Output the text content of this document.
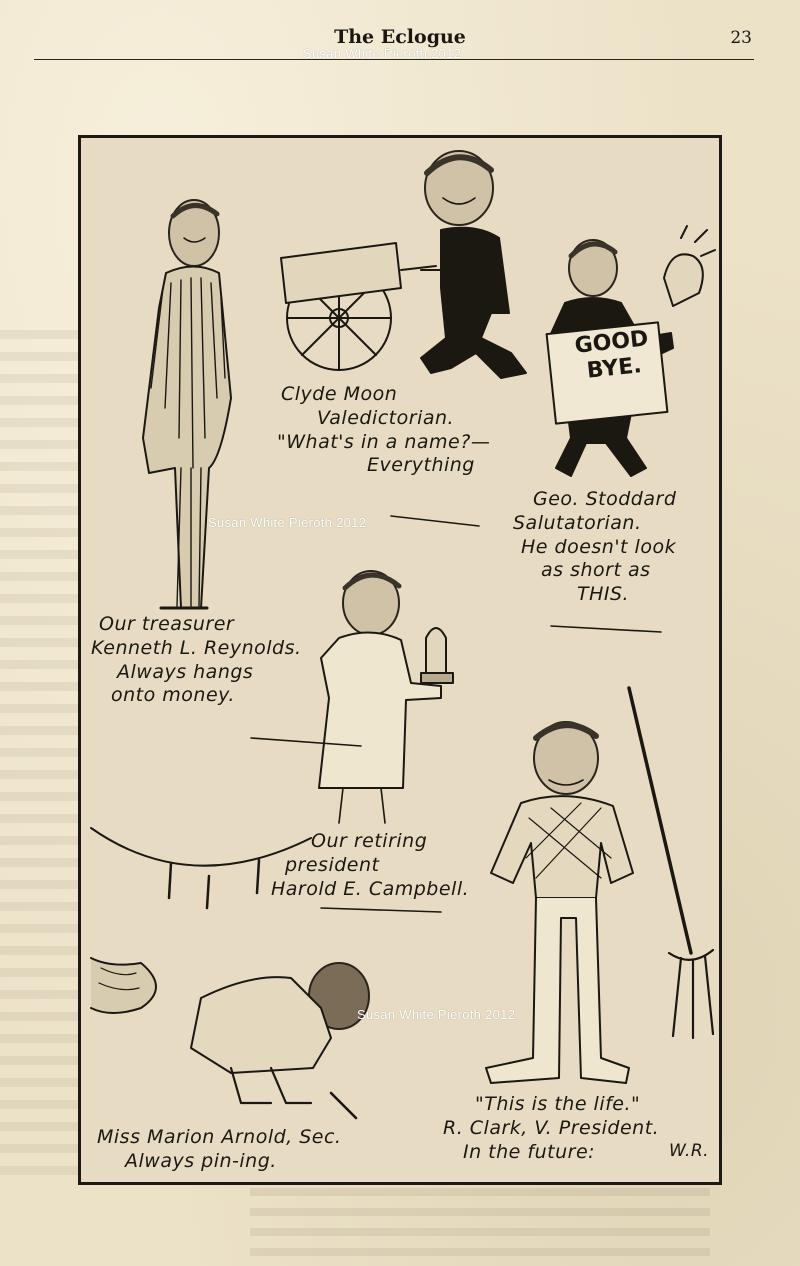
The Eclogue	23
GOOD
BYE.
Clyde Moon
Valedictorian.
"What's in a name?—
Everything
Geo. Stoddard
Salutatorian.
He doesn't look
as short as
THIS.
Our treasurer
Kenneth L. Reynolds.
Always hangs
onto money.
Our retiring
president
Harold E. Campbell.
"This is the life."
R. Clark, V. President.
In the future:	W.R.
Miss Marion Arnold, Sec.
Always pin-ing.
Susan White Pieroth 2012
Susan White Pieroth 2012
Susan White Pieroth 2012
